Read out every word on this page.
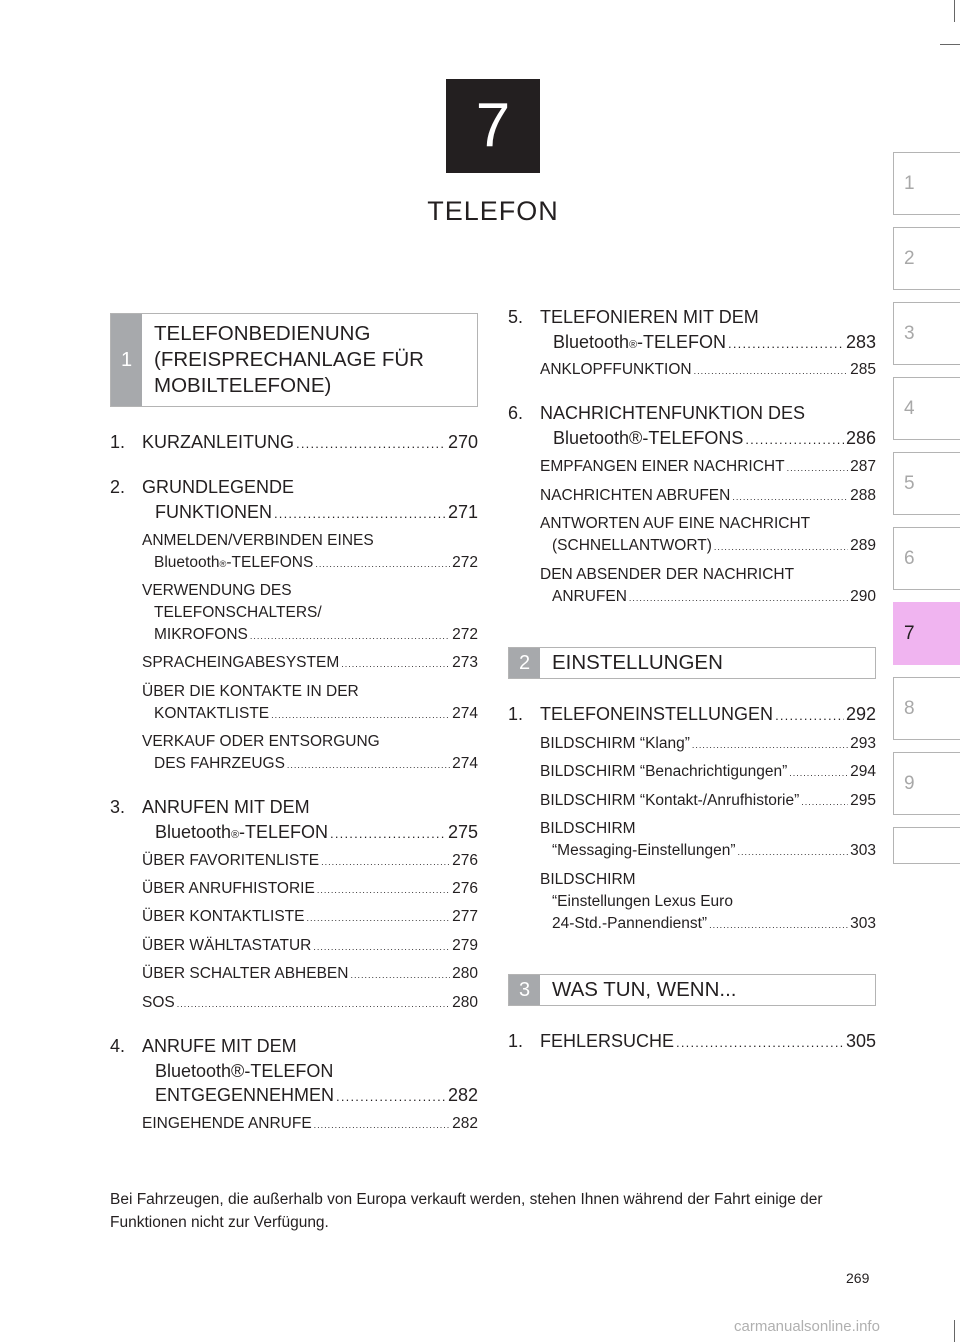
7
TELEFON
1
2
3
4
5
6
7
8
9
1
TELEFONBEDIENUNG (FREISPRECHANLAGE FÜR MOBILTELEFONE)
1. KURZANLEITUNG .....	270
2. GRUNDLEGENDE
FUNKTIONEN .....	271
ANMELDEN/VERBINDEN EINES
Bluetooth ® -TELEFONS .....	272
VERWENDUNG DES
TELEFONSCHALTERS/
MIKROFONS .....	272
SPRACHEINGABESYSTEM .....	273
ÜBER DIE KONTAKTE IN DER
KONTAKTLISTE .....	274
VERKAUF ODER ENTSORGUNG
DES FAHRZEUGS .....	274
3. ANRUFEN MIT DEM
Bluetooth ® -TELEFON .....	275
ÜBER FAVORITENLISTE .....	276
ÜBER ANRUFHISTORIE .....	276
ÜBER KONTAKTLISTE .....	277
ÜBER WÄHLTASTATUR .....	279
ÜBER SCHALTER ABHEBEN .....	280
SOS .....	280
4. ANRUFE MIT DEM
Bluetooth®-TELEFON
ENTGEGENNEHMEN .....	282
EINGEHENDE ANRUFE .....	282
5. TELEFONIEREN MIT DEM
Bluetooth ® -TELEFON .....	283
ANKLOPFFUNKTION .....	285
6. NACHRICHTENFUNKTION DES
Bluetooth®-TELEFONS .....	286
EMPFANGEN EINER NACHRICHT .....	287
NACHRICHTEN ABRUFEN .....	288
ANTWORTEN AUF EINE NACHRICHT
(SCHNELLANTWORT) .....	289
DEN ABSENDER DER NACHRICHT
ANRUFEN .....	290
2	EINSTELLUNGEN
1. TELEFONEINSTELLUNGEN .....	292
BILDSCHIRM “Klang” .....	293
BILDSCHIRM “Benachrichtigungen” .....	294
BILDSCHIRM “Kontakt-/Anrufhistorie” .....	295
BILDSCHIRM
“Messaging-Einstellungen” .....	303
BILDSCHIRM
“Einstellungen Lexus Euro
24-Std.-Pannendienst” .....	303
3	WAS TUN, WENN...
1. FEHLERSUCHE .....	305
Bei Fahrzeugen, die außerhalb von Europa verkauft werden, stehen Ihnen während der Fahrt einige der Funktionen nicht zur Verfügung.
269
carmanualsonline.info
